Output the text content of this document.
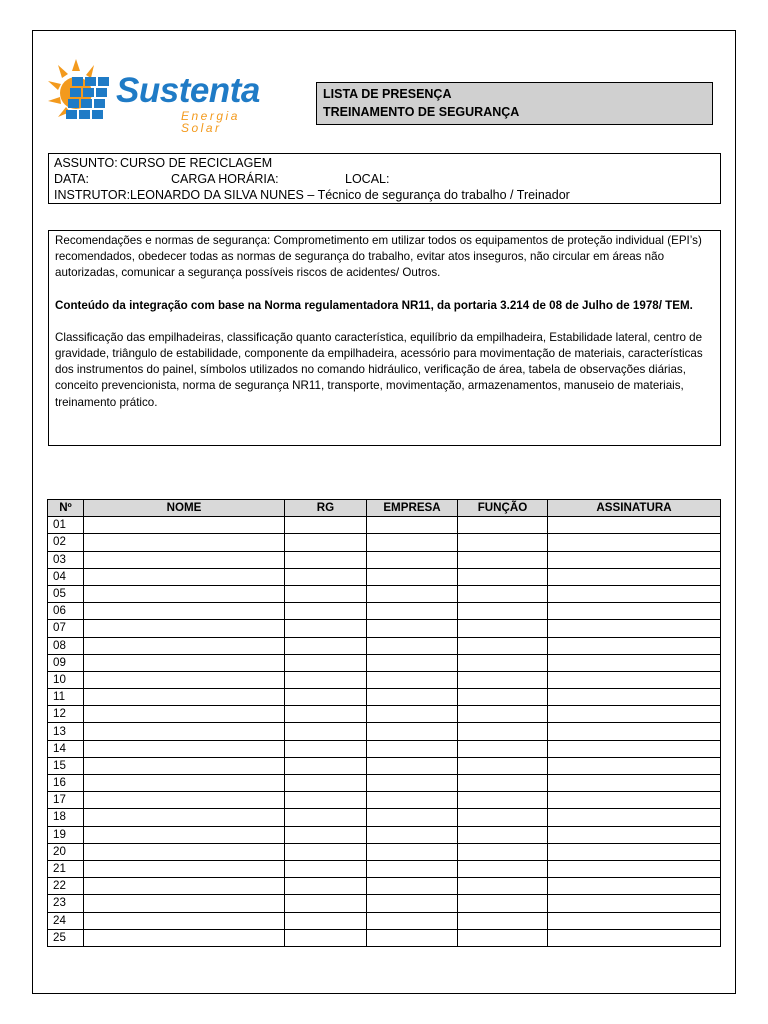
Sustenta
Energia Solar
LISTA DE PRESENÇA
TREINAMENTO DE SEGURANÇA
ASSUNTO: CURSO DE RECICLAGEM
DATA:	CARGA HORÁRIA:	LOCAL:
INSTRUTOR: LEONARDO DA SILVA NUNES – Técnico de segurança do trabalho / Treinador

Recomendações e normas de segurança: Comprometimento em utilizar todos os equipamentos de proteção individual (EPI’s) recomendados, obedecer todas as normas de segurança do trabalho, evitar atos inseguros, não circular em áreas não autorizadas, comunicar a segurança possíveis riscos de acidentes/ Outros.

Conteúdo da integração com base na Norma regulamentadora NR11, da portaria 3.214 de 08 de Julho de 1978/ TEM.

Classificação das empilhadeiras, classificação quanto característica, equilíbrio da empilhadeira, Estabilidade lateral, centro de gravidade, triângulo de estabilidade, componente da empilhadeira, acessório para movimentação de materiais, características dos instrumentos do painel, símbolos utilizados no comando hidráulico, verificação de área, tabela de observações diárias, conceito prevencionista, norma de segurança NR11, transporte, movimentação, armazenamentos, manuseio de materiais, treinamento prático.

Nº	NOME	RG	EMPRESA	FUNÇÃO	ASSINATURA
01					
02					
03					
04					
05					
06					
07					
08					
09					
10					
11					
12					
13					
14					
15					
16					
17					
18					
19					
20					
21					
22					
23					
24					
25					
